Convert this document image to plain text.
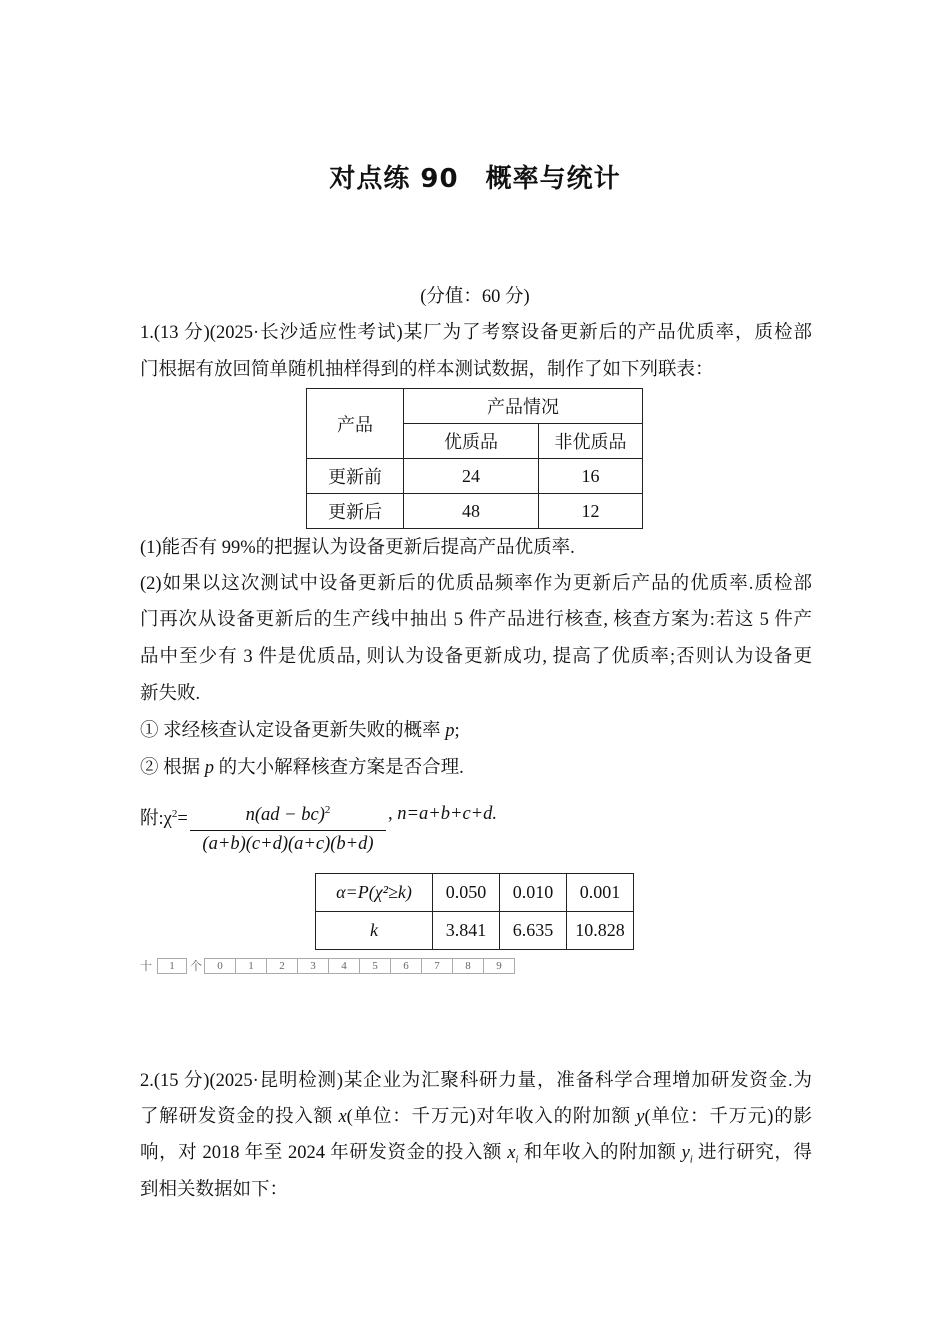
对点练 90　概率与统计
(分值：60 分)
1.(13 分)(2025·长沙适应性考试)某厂为了考察设备更新后的产品优质率，质检部
门根据有放回简单随机抽样得到的样本测试数据，制作了如下列联表：
产品	产品情况	
	优质品	非优质品
更新前	24	16
更新后	48	12
(1)能否有 99%的把握认为设备更新后提高产品优质率.
(2)如果以这次测试中设备更新后的优质品频率作为更新后产品的优质率.质检部
门再次从设备更新后的生产线中抽出 5 件产品进行核查, 核查方案为:若这 5 件产
品中至少有 3 件是优质品, 则认为设备更新成功, 提高了优质率;否则认为设备更
新失败.
① 求经核查认定设备更新失败的概率 p;
② 根据 p 的大小解释核查方案是否合理.
附$:\chi^2=$	n(ad − bc)$^2$
(a+b)(c+d)(a+c)(b+d)
, n=a+b+c+d.
α=P(χ²≥k)	0.050	0.010	0.001
k	3.841	6.635	10.828
十	1	个	0	1	2	3	4	5	6	7	8	9
2.(15 分)(2025·昆明检测)某企业为汇聚科研力量，准备科学合理增加研发资金.为
了解研发资金的投入额 x(单位：千万元)对年收入的附加额 y(单位：千万元)的影
响，对 2018 年至 2024 年研发资金的投入额 $x_i$ 和年收入的附加额 $y_i$ 进行研究，得
到相关数据如下：
